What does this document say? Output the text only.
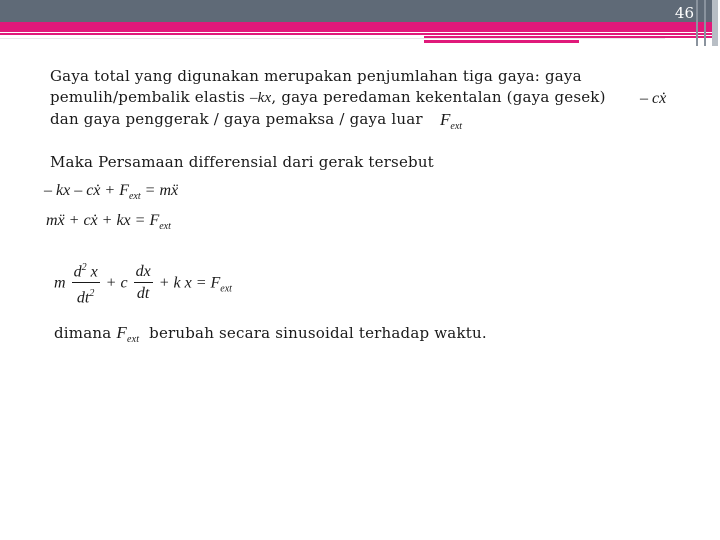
46
Gaya total yang digunakan merupakan penjumlahan tiga gaya: gaya
pemulih/pembalik elastis –kx, gaya peredaman kekentalan (gaya gesek)
dan gaya penggerak / gaya pemaksa / gaya luar	$F_{ext}$
– cẋ
Maka Persamaan differensial dari gerak tersebut
– kx – cẋ + $F_{ext}$ = mẍ
mẍ + cẋ + kx = $F_{ext}$
m $\frac{d^2 x}{dt^2} + c \frac{dx}{dt} + k$ $x = F_{ext}$
dimana $F_{ext}$  berubah secara sinusoidal terhadap waktu.
